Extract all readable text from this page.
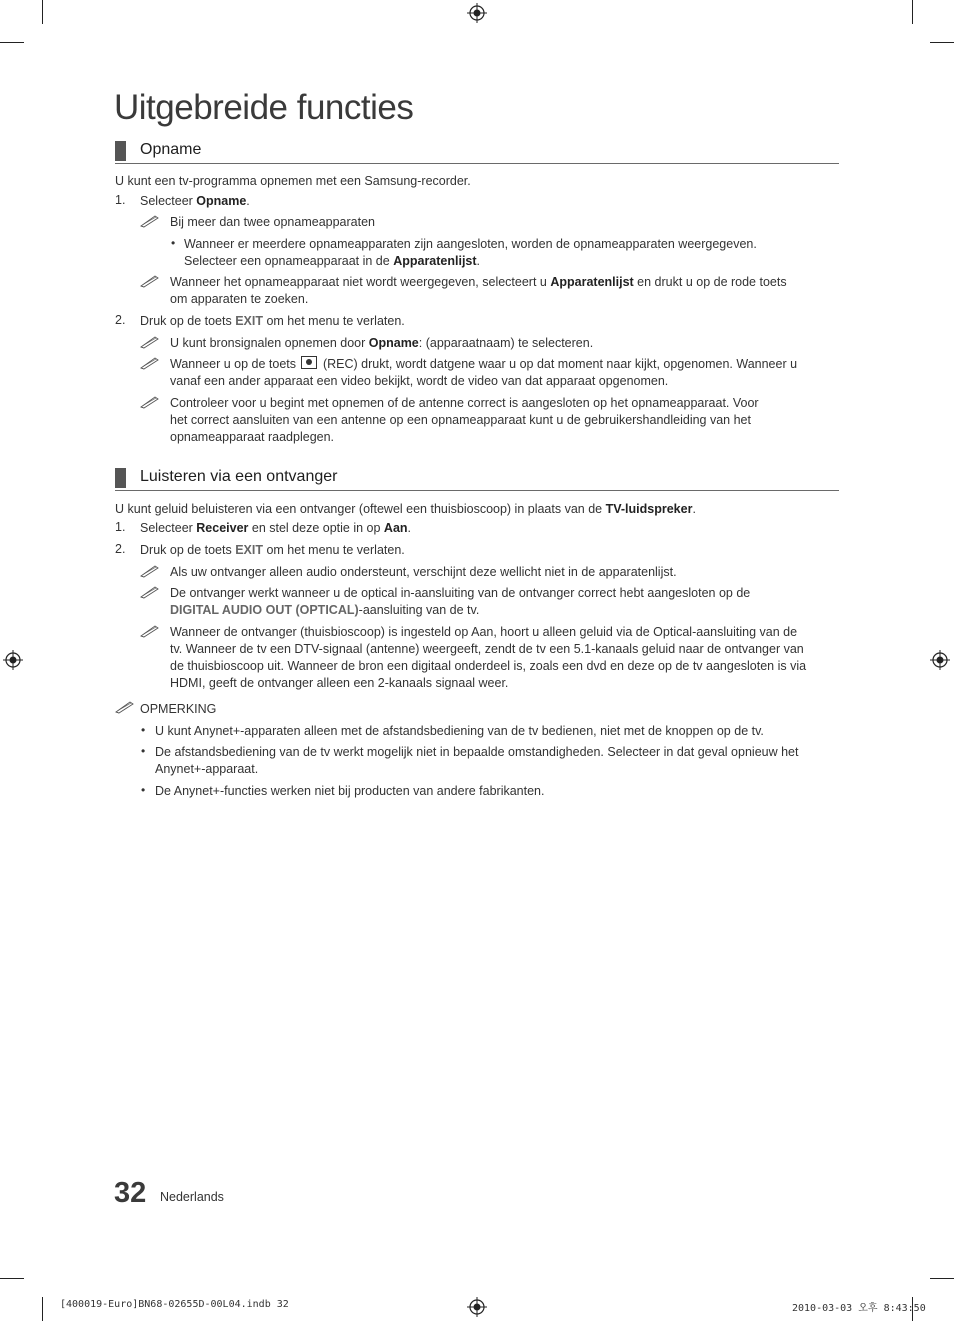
Uitgebreide functies
Opname
U kunt een tv-programma opnemen met een Samsung-recorder.
1. Selecteer Opname.
Bij meer dan twee opnameapparaten
• Wanneer er meerdere opnameapparaten zijn aangesloten, worden de opnameapparaten weergegeven.
Selecteer een opnameapparaat in de Apparatenlijst.
Wanneer het opnameapparaat niet wordt weergegeven, selecteert u Apparatenlijst en drukt u op de rode toets
om apparaten te zoeken.
2. Druk op de toets EXIT om het menu te verlaten.
U kunt bronsignalen opnemen door Opname: (apparaatnaam) te selecteren.
Wanneer u op de toets  (REC) drukt, wordt datgene waar u op dat moment naar kijkt, opgenomen. Wanneer u
vanaf een ander apparaat een video bekijkt, wordt de video van dat apparaat opgenomen.
Controleer voor u begint met opnemen of de antenne correct is aangesloten op het opnameapparaat. Voor
het correct aansluiten van een antenne op een opnameapparaat kunt u de gebruikershandleiding van het
opnameapparaat raadplegen.
Luisteren via een ontvanger
U kunt geluid beluisteren via een ontvanger (oftewel een thuisbioscoop) in plaats van de TV-luidspreker.
1. Selecteer Receiver en stel deze optie in op Aan.
2. Druk op de toets EXIT om het menu te verlaten.
Als uw ontvanger alleen audio ondersteunt, verschijnt deze wellicht niet in de apparatenlijst.
De ontvanger werkt wanneer u de optical in-aansluiting van de ontvanger correct hebt aangesloten op de
DIGITAL AUDIO OUT (OPTICAL)-aansluiting van de tv.
Wanneer de ontvanger (thuisbioscoop) is ingesteld op Aan, hoort u alleen geluid via de Optical-aansluiting van de
tv. Wanneer de tv een DTV-signaal (antenne) weergeeft, zendt de tv een 5.1-kanaals geluid naar de ontvanger van
de thuisbioscoop uit. Wanneer de bron een digitaal onderdeel is, zoals een dvd en deze op de tv aangesloten is via
HDMI, geeft de ontvanger alleen een 2-kanaals signaal weer.
OPMERKING
• U kunt Anynet+-apparaten alleen met de afstandsbediening van de tv bedienen, niet met de knoppen op de tv.
• De afstandsbediening van de tv werkt mogelijk niet in bepaalde omstandigheden. Selecteer in dat geval opnieuw het
Anynet+-apparaat.
• De Anynet+-functies werken niet bij producten van andere fabrikanten.
32 Nederlands
[400019-Euro]BN68-02655D-00L04.indb 32	2010-03-03 오후 8:43:50
